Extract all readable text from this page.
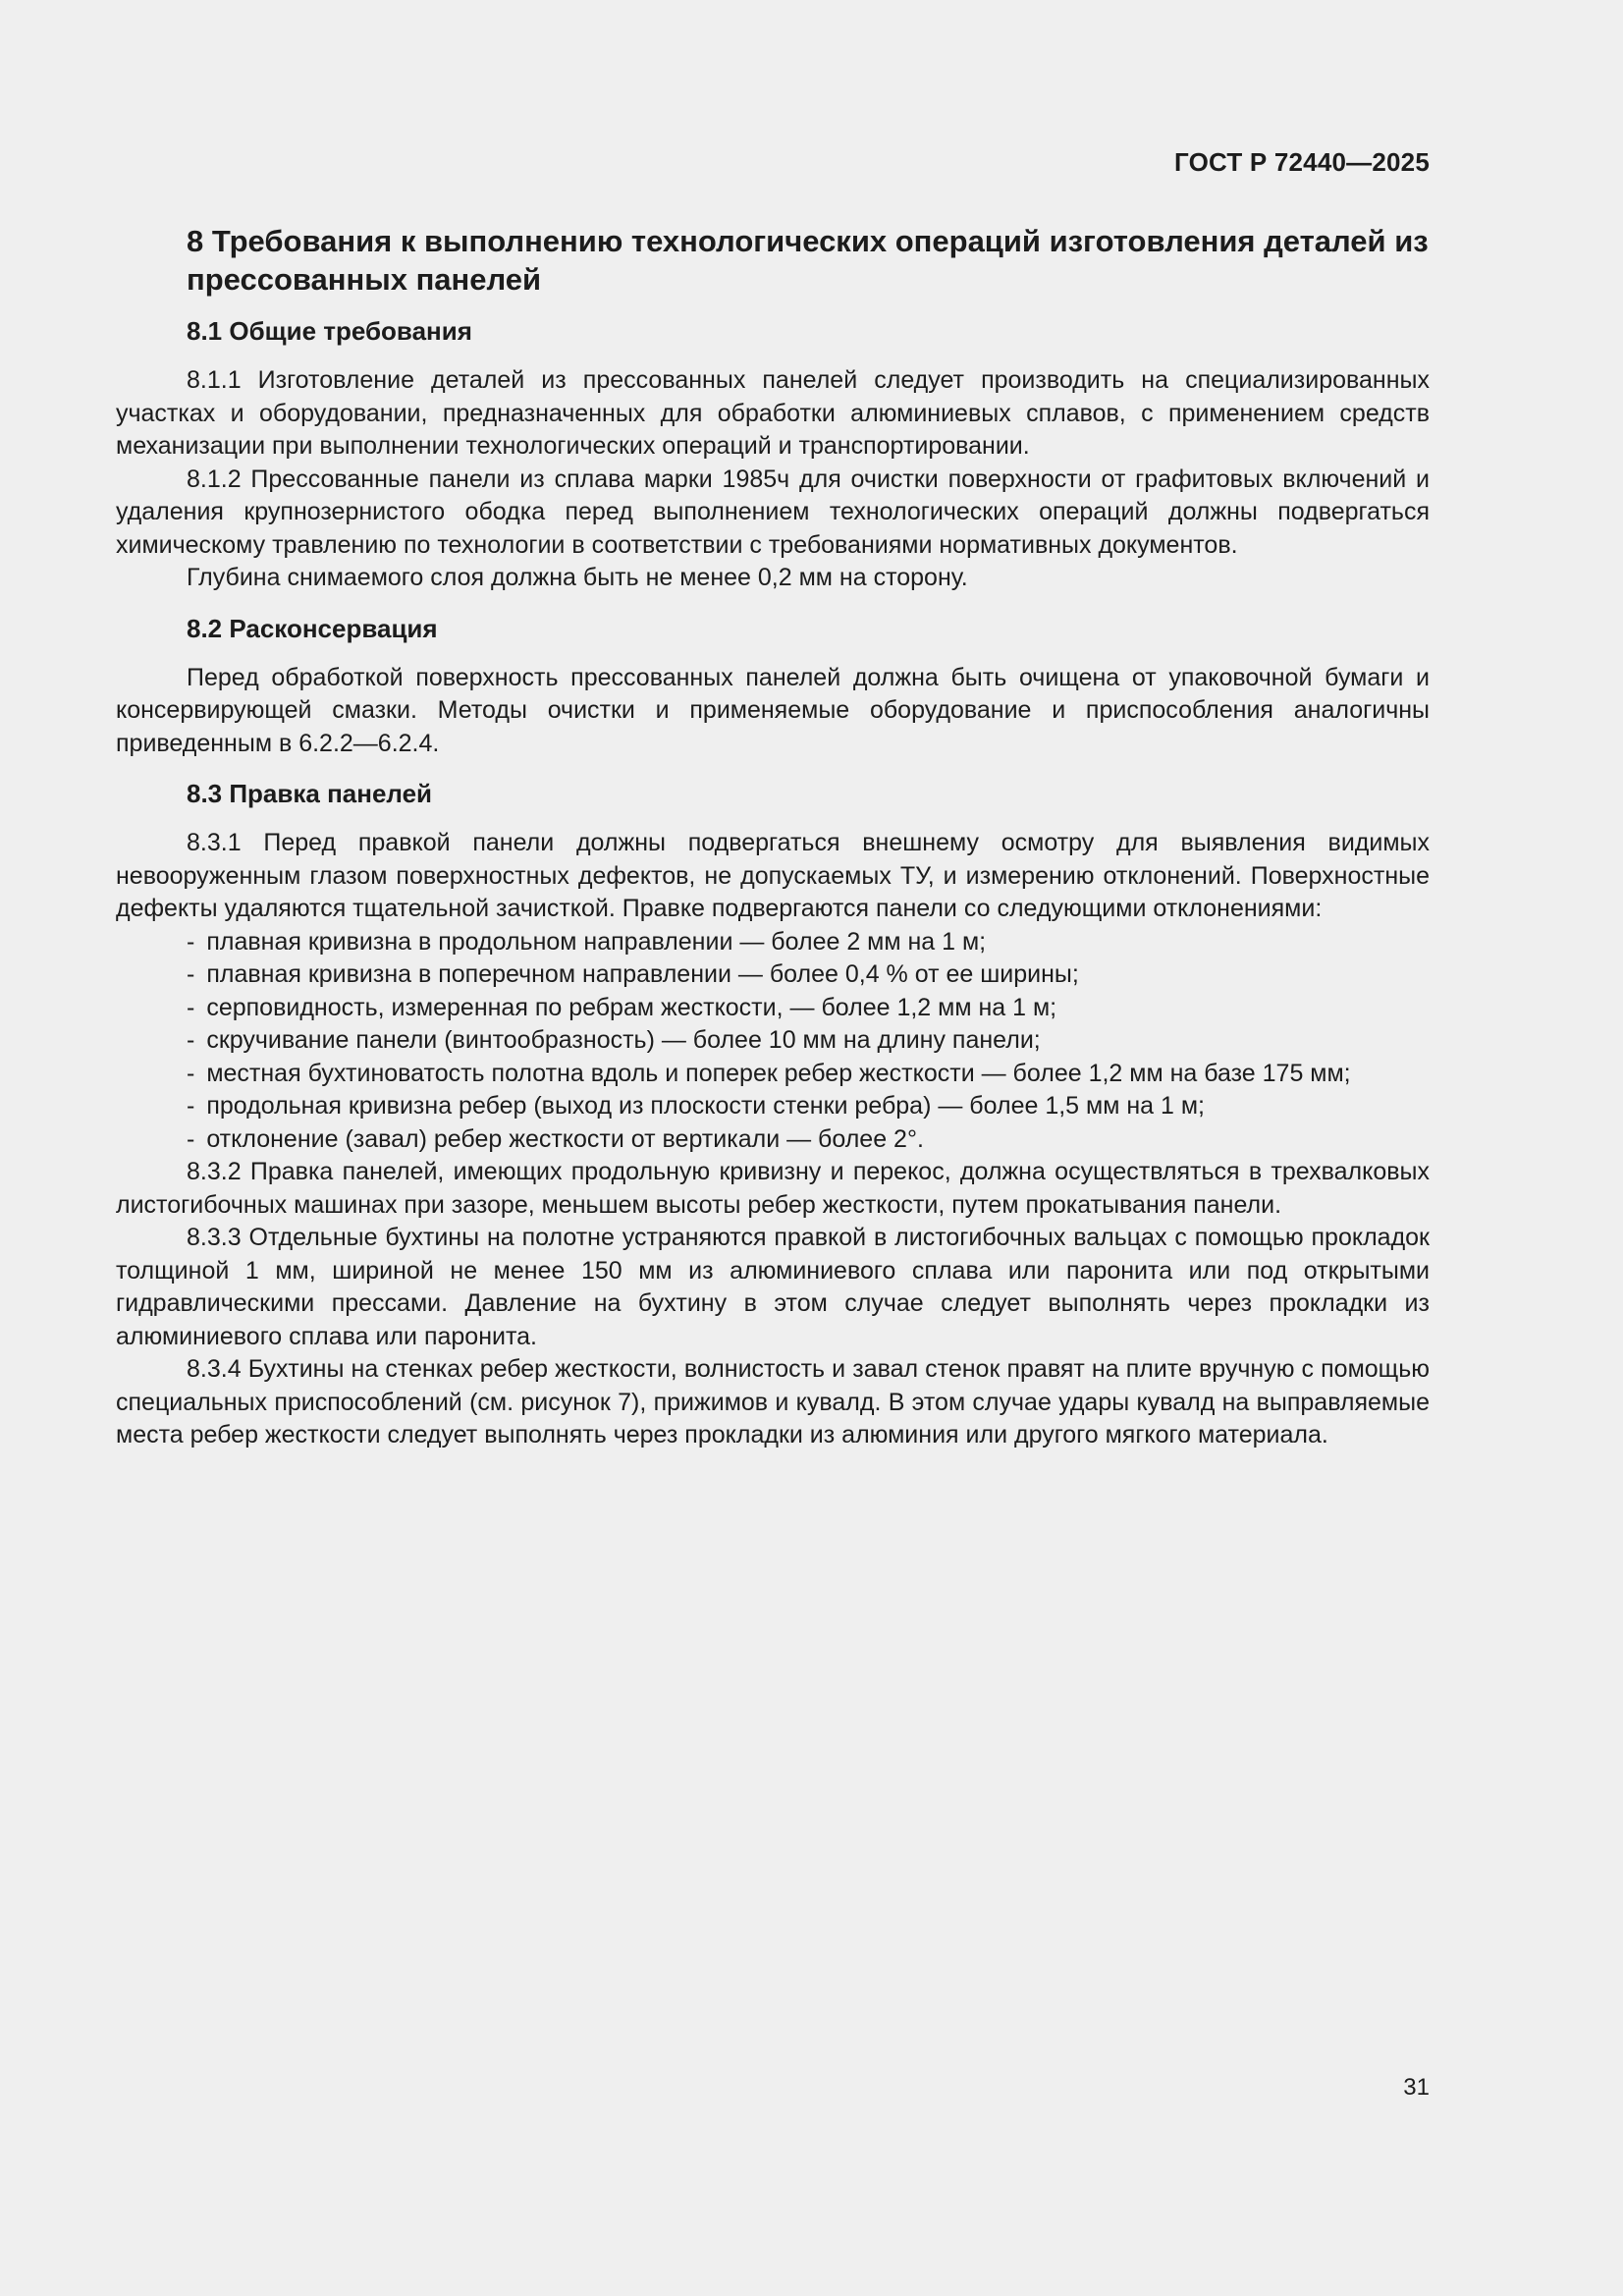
ГОСТ Р 72440—2025
8 Требования к выполнению технологических операций изготовления деталей из прессованных панелей
8.1 Общие требования

8.1.1 Изготовление деталей из прессованных панелей следует производить на специализированных участках и оборудовании, предназначенных для обработки алюминиевых сплавов, с применением средств механизации при выполнении технологических операций и транспортировании.

8.1.2 Прессованные панели из сплава марки 1985ч для очистки поверхности от графитовых включений и удаления крупнозернистого ободка перед выполнением технологических операций должны подвергаться химическому травлению по технологии в соответствии с требованиями нормативных документов.

Глубина снимаемого слоя должна быть не менее 0,2 мм на сторону.

8.2 Расконсервация

Перед обработкой поверхность прессованных панелей должна быть очищена от упаковочной бумаги и консервирующей смазки. Методы очистки и применяемые оборудование и приспособления аналогичны приведенным в 6.2.2—6.2.4.

8.3 Правка панелей

8.3.1 Перед правкой панели должны подвергаться внешнему осмотру для выявления видимых невооруженным глазом поверхностных дефектов, не допускаемых ТУ, и измерению отклонений. Поверхностные дефекты удаляются тщательной зачисткой. Правке подвергаются панели со следующими отклонениями:

- плавная кривизна в продольном направлении — более 2 мм на 1 м;
- плавная кривизна в поперечном направлении — более 0,4 % от ее ширины;
- серповидность, измеренная по ребрам жесткости, — более 1,2 мм на 1 м;
- скручивание панели (винтообразность) — более 10 мм на длину панели;
- местная бухтиноватость полотна вдоль и поперек ребер жесткости — более 1,2 мм на базе 175 мм;
- продольная кривизна ребер (выход из плоскости стенки ребра) — более 1,5 мм на 1 м;
- отклонение (завал) ребер жесткости от вертикали — более 2°.

8.3.2 Правка панелей, имеющих продольную кривизну и перекос, должна осуществляться в трехвалковых листогибочных машинах при зазоре, меньшем высоты ребер жесткости, путем прокатывания панели.

8.3.3 Отдельные бухтины на полотне устраняются правкой в листогибочных вальцах с помощью прокладок толщиной 1 мм, шириной не менее 150 мм из алюминиевого сплава или паронита или под открытыми гидравлическими прессами. Давление на бухтину в этом случае следует выполнять через прокладки из алюминиевого сплава или паронита.

8.3.4 Бухтины на стенках ребер жесткости, волнистость и завал стенок правят на плите вручную с помощью специальных приспособлений (см. рисунок 7), прижимов и кувалд. В этом случае удары кувалд на выправляемые места ребер жесткости следует выполнять через прокладки из алюминия или другого мягкого материала.

31
